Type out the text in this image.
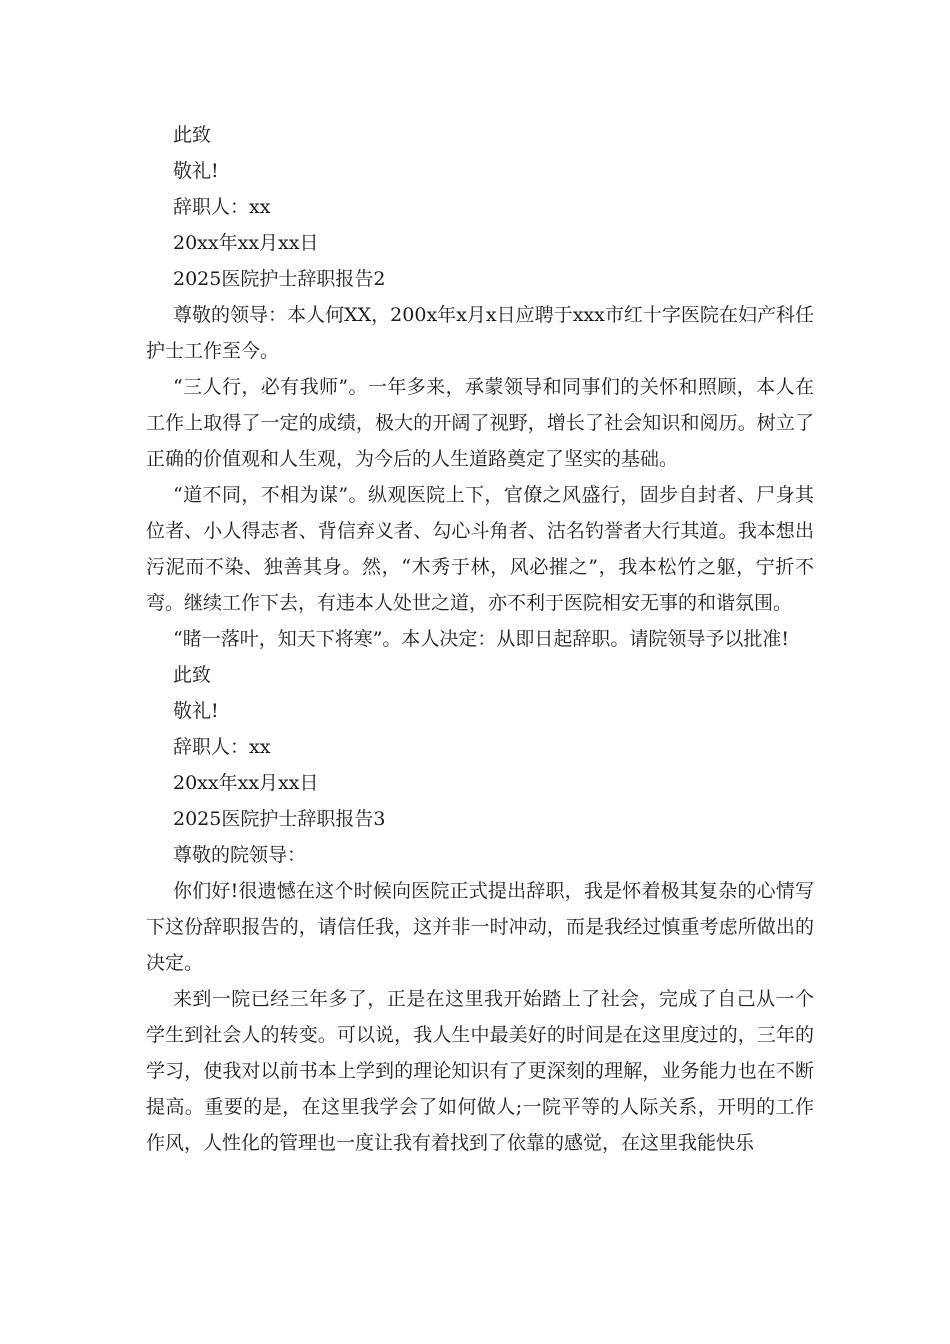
此致
敬礼!
辞职人：xx
20xx年xx月xx日
2025医院护士辞职报告2

尊敬的领导：本人何XX，200x年x月x日应聘于xxx市红十字医院在妇产科任护士工作至今。

“三人行，必有我师”。一年多来，承蒙领导和同事们的关怀和照顾，本人在工作上取得了一定的成绩，极大的开阔了视野，增长了社会知识和阅历。树立了正确的价值观和人生观，为今后的人生道路奠定了坚实的基础。

“道不同，不相为谋”。纵观医院上下，官僚之风盛行，固步自封者、尸身其位者、小人得志者、背信弃义者、勾心斗角者、沽名钓誉者大行其道。我本想出污泥而不染、独善其身。然，“木秀于林，风必摧之”，我本松竹之躯，宁折不弯。继续工作下去，有违本人处世之道，亦不利于医院相安无事的和谐氛围。

“睹一落叶，知天下将寒”。本人决定：从即日起辞职。请院领导予以批准!
此致
敬礼!
辞职人：xx
20xx年xx月xx日
2025医院护士辞职报告3
尊敬的院领导：

你们好!很遗憾在这个时候向医院正式提出辞职，我是怀着极其复杂的心情写下这份辞职报告的，请信任我，这并非一时冲动，而是我经过慎重考虑所做出的决定。

来到一院已经三年多了，正是在这里我开始踏上了社会，完成了自己从一个学生到社会人的转变。可以说，我人生中最美好的时间是在这里度过的，三年的学习，使我对以前书本上学到的理论知识有了更深刻的理解，业务能力也在不断提高。重要的是，在这里我学会了如何做人;一院平等的人际关系，开明的工作作风，人性化的管理也一度让我有着找到了依靠的感觉，在这里我能快乐
